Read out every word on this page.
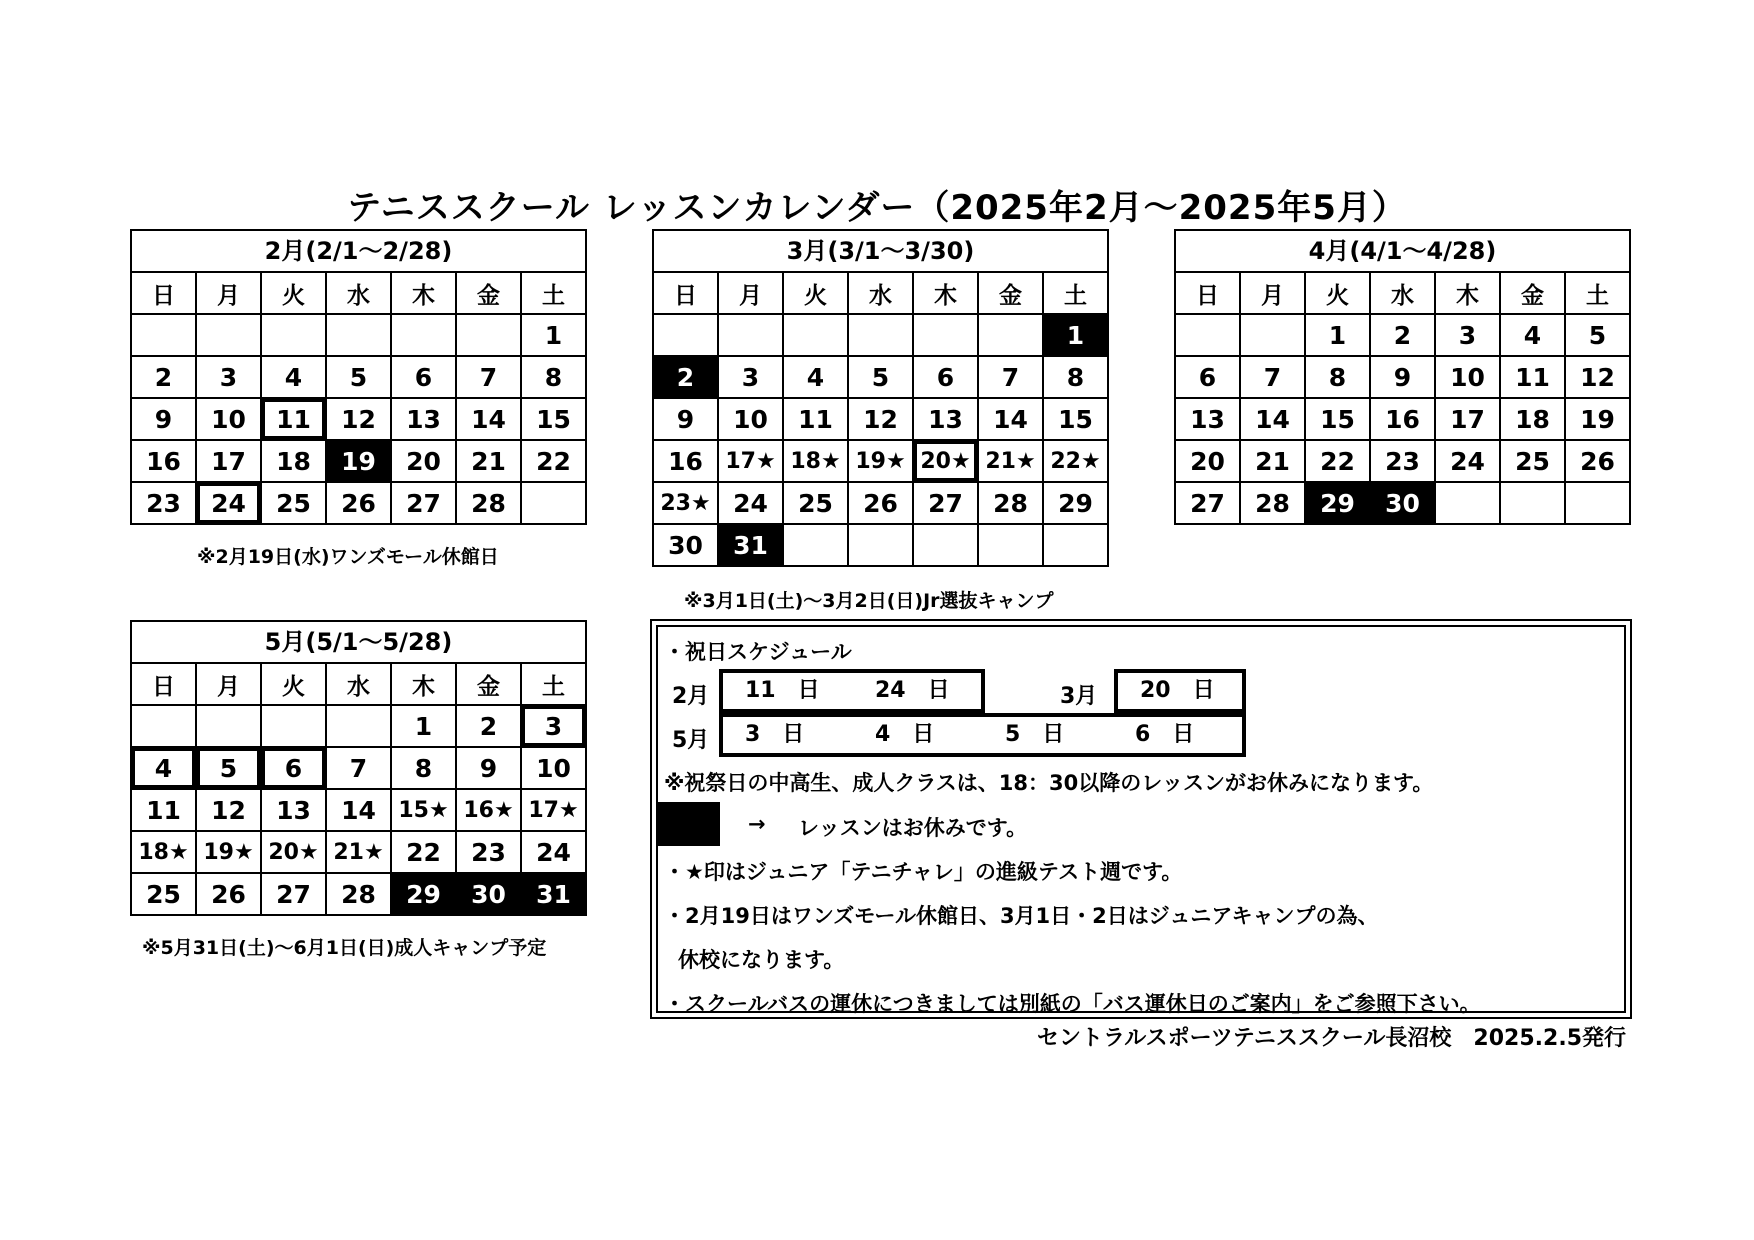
テニススクール レッスンカレンダー（2025年2月～2025年5月）
2月(2/1～2/28)
日	月	火	水	木	金	土
						1
2	3	4	5	6	7	8
9	10	11	12	13	14	15
16	17	18	19	20	21	22
23	24	25	26	27	28	
※2月19日(水)ワンズモール休館日
3月(3/1～3/30)
日	月	火	水	木	金	土
						1
2	3	4	5	6	7	8
9	10	11	12	13	14	15
16	17★	18★	19★	20★	21★	22★
23★	24	25	26	27	28	29
30	31					
※3月1日(土)～3月2日(日)Jr選抜キャンプ
4月(4/1～4/28)
日	月	火	水	木	金	土
		1	2	3	4	5
6	7	8	9	10	11	12
13	14	15	16	17	18	19
20	21	22	23	24	25	26
27	28	29	30			
5月(5/1～5/28)
日	月	火	水	木	金	土
				1	2	3
4	5	6	7	8	9	10
11	12	13	14	15★	16★	17★
18★	19★	20★	21★	22	23	24
25	26	27	28	29	30	31
※5月31日(土)～6月1日(日)成人キャンプ予定
・祝日スケジュール
2月 11　日	24　日	3月 20　日
5月 3　日	4　日	5　日	6　日
※祝祭日の中高生、成人クラスは、18：30以降のレッスンがお休みになります。
→ レッスンはお休みです。
・★印はジュニア「テニチャレ」の進級テスト週です。
・2月19日はワンズモール休館日、3月1日・2日はジュニアキャンプの為、
休校になります。
・スクールバスの運休につきましては別紙の「バス運休日のご案内」をご参照下さい。
セントラルスポーツテニススクール長沼校　2025.2.5発行
